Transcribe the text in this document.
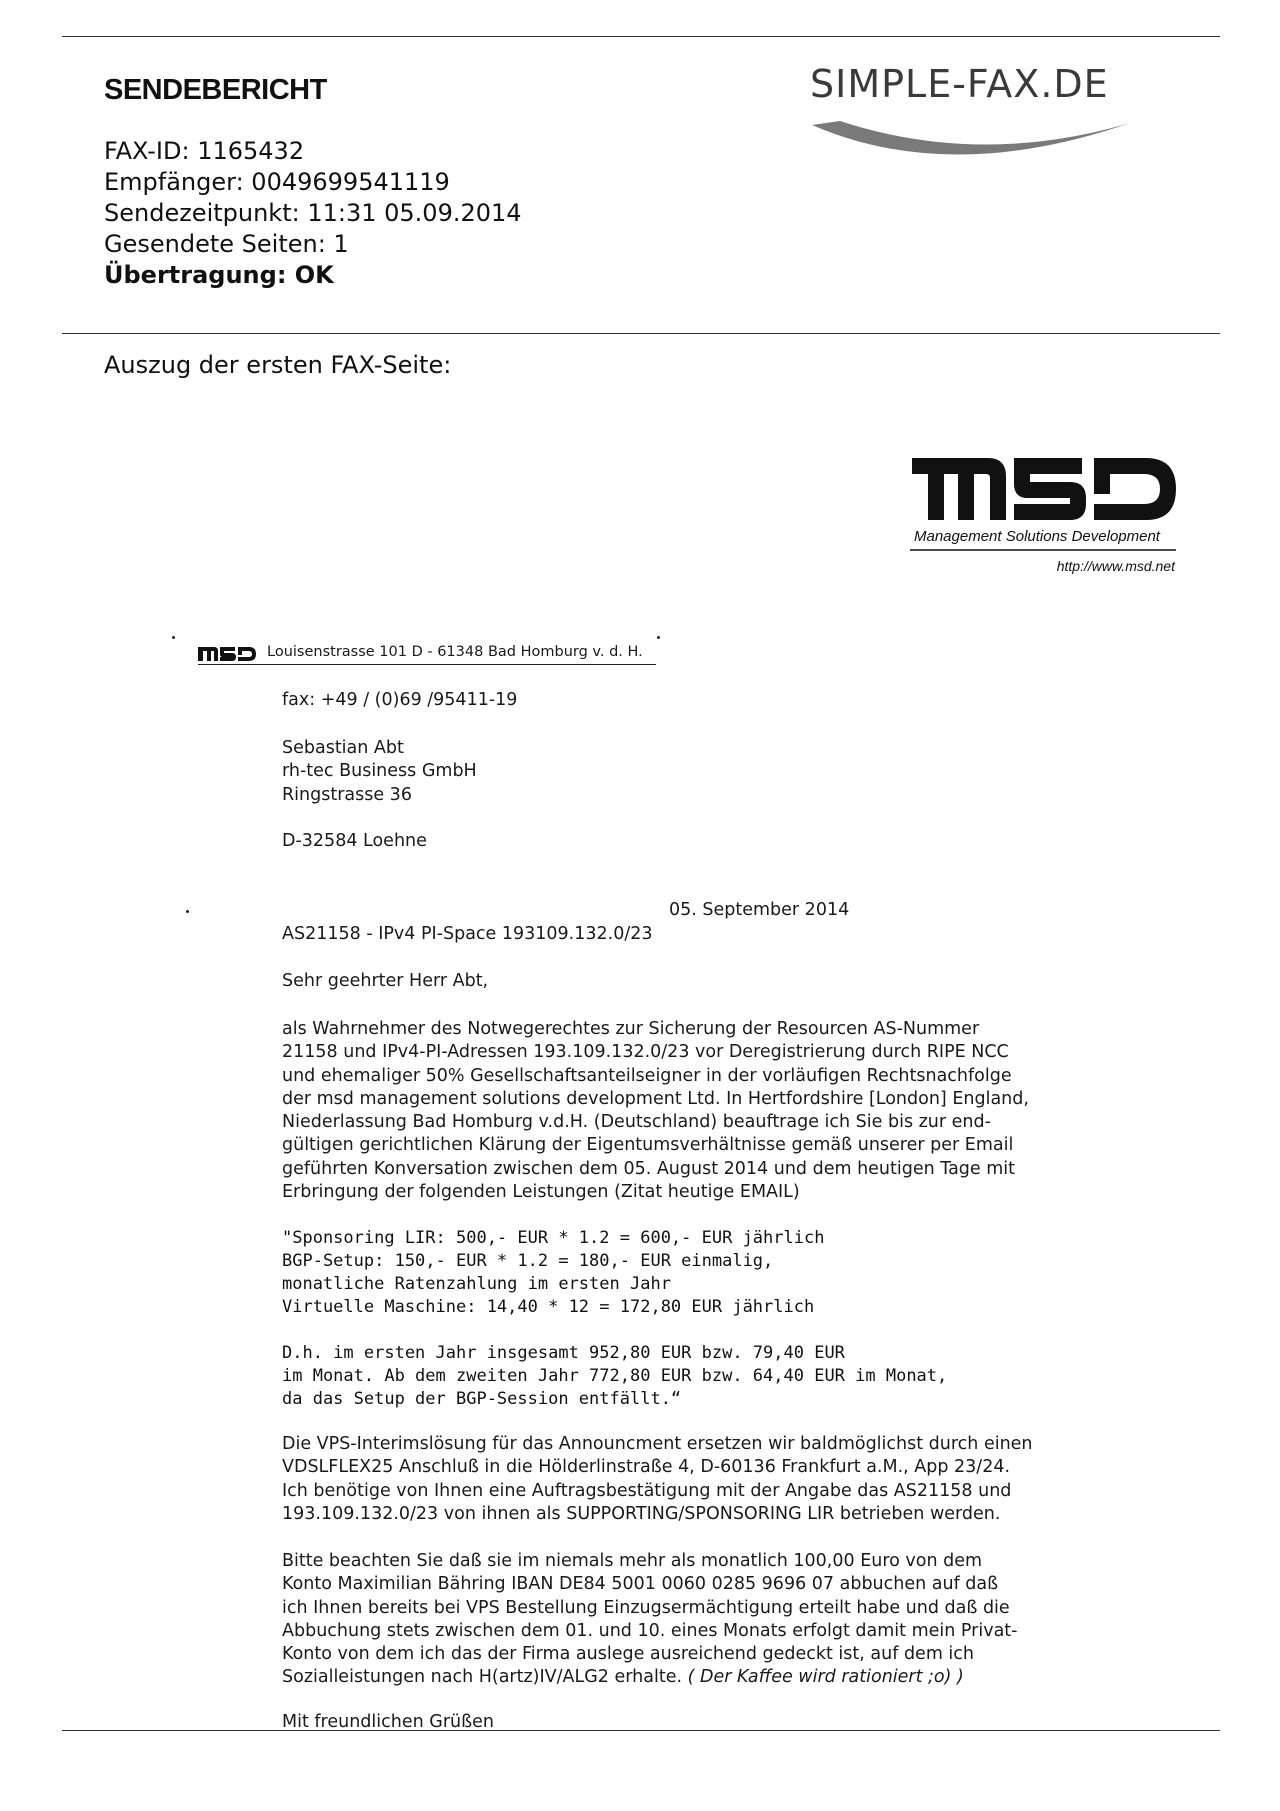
SENDEBERICHT	SIMPLE-FAX.DE
FAX-ID: 1165432
Empfänger: 0049699541119
Sendezeitpunkt: 11:31 05.09.2014
Gesendete Seiten: 1
Übertragung: OK
Auszug der ersten FAX-Seite:
Management Solutions Development
http://www.msd.net
Louisenstrasse 101 D - 61348 Bad Homburg v. d. H.
fax: +49 / (0)69 /95411-19
Sebastian Abt
rh-tec Business GmbH
Ringstrasse 36
D-32584 Loehne
05. September 2014
AS21158 - IPv4 PI-Space 193109.132.0/23
Sehr geehrter Herr Abt,
als Wahrnehmer des Notwegerechtes zur Sicherung der Resourcen AS-Nummer
21158 und IPv4-PI-Adressen 193.109.132.0/23 vor Deregistrierung durch RIPE NCC
und ehemaliger 50% Gesellschaftsanteilseigner in der vorläufigen Rechtsnachfolge
der msd management solutions development Ltd. In Hertfordshire [London] England,
Niederlassung Bad Homburg v.d.H. (Deutschland) beauftrage ich Sie bis zur end-
gültigen gerichtlichen Klärung der Eigentumsverhältnisse gemäß unserer per Email
geführten Konversation zwischen dem 05. August 2014 und dem heutigen Tage mit
Erbringung der folgenden Leistungen (Zitat heutige EMAIL)
"Sponsoring LIR: 500,- EUR * 1.2 = 600,- EUR jährlich
BGP-Setup: 150,- EUR * 1.2 = 180,- EUR einmalig,
monatliche Ratenzahlung im ersten Jahr
Virtuelle Maschine: 14,40 * 12 = 172,80 EUR jährlich
D.h. im ersten Jahr insgesamt 952,80 EUR bzw. 79,40 EUR
im Monat. Ab dem zweiten Jahr 772,80 EUR bzw. 64,40 EUR im Monat,
da das Setup der BGP-Session entfällt.“
Die VPS-Interimslösung für das Announcment ersetzen wir baldmöglichst durch einen
VDSLFLEX25 Anschluß in die Hölderlinstraße 4, D-60136 Frankfurt a.M., App 23/24.
Ich benötige von Ihnen eine Auftragsbestätigung mit der Angabe das AS21158 und
193.109.132.0/23 von ihnen als SUPPORTING/SPONSORING LIR betrieben werden.
Bitte beachten Sie daß sie im niemals mehr als monatlich 100,00 Euro von dem
Konto Maximilian Bähring IBAN DE84 5001 0060 0285 9696 07 abbuchen auf daß
ich Ihnen bereits bei VPS Bestellung Einzugsermächtigung erteilt habe und daß die
Abbuchung stets zwischen dem 01. und 10. eines Monats erfolgt damit mein Privat-
Konto von dem ich das der Firma auslege ausreichend gedeckt ist, auf dem ich
Sozialleistungen nach H(artz)IV/ALG2 erhalte. ( Der Kaffee wird rationiert ;o) )
Mit freundlichen Grüßen
